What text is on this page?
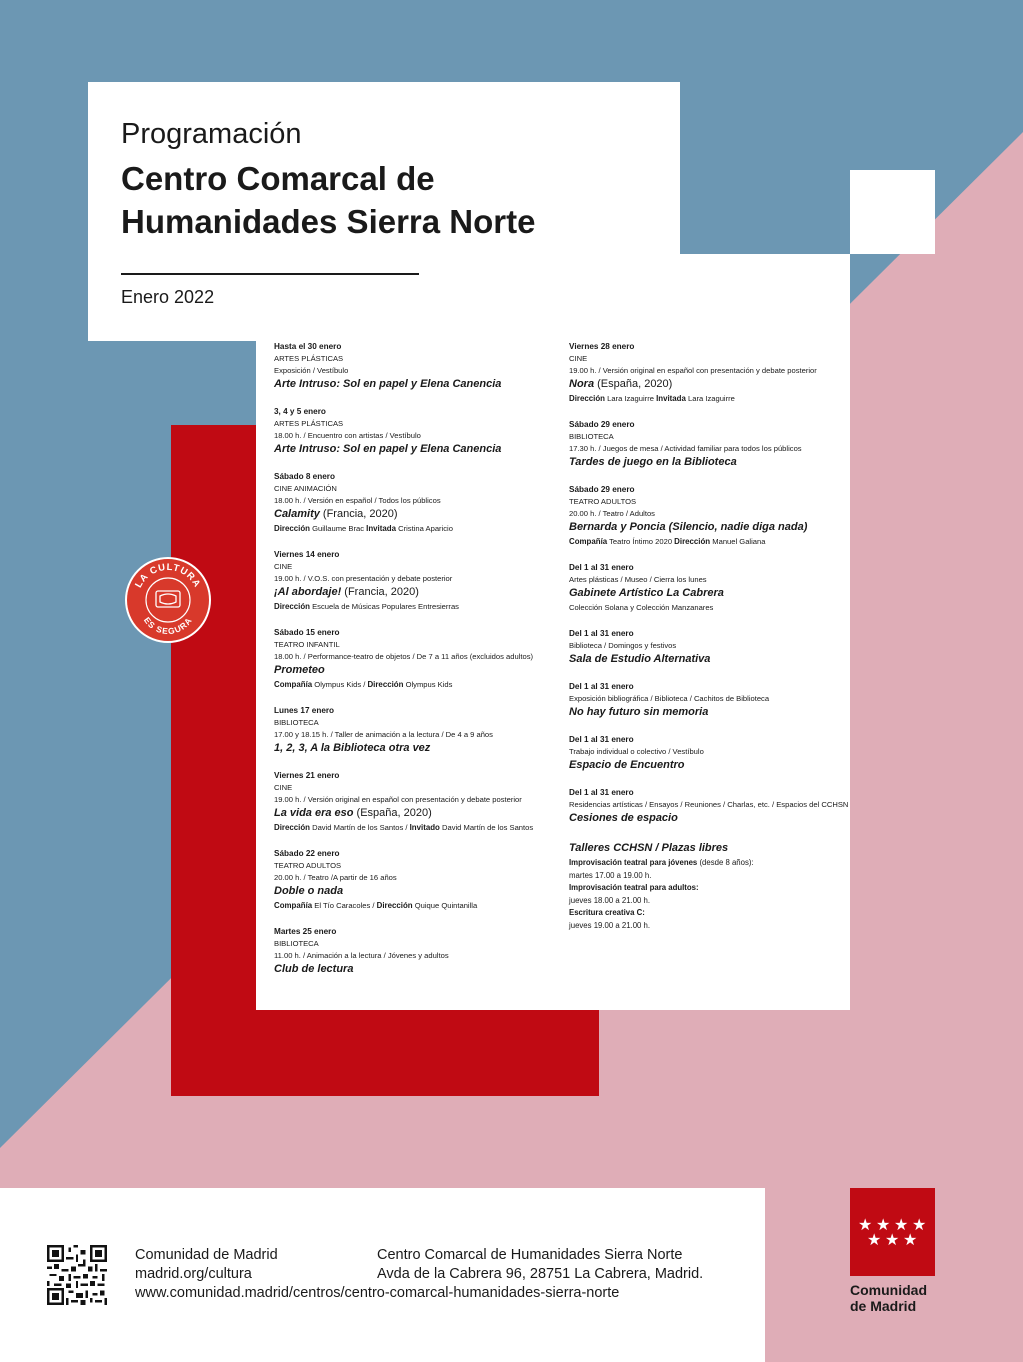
Programación
Centro Comarcal de
Humanidades Sierra Norte
Enero 2022
Hasta el 30 enero
ARTES PLÁSTICAS
Exposición / Vestíbulo
Arte Intruso: Sol en papel y Elena Canencia
3, 4 y 5 enero
ARTES PLÁSTICAS
18.00 h. / Encuentro con artistas / Vestíbulo
Arte Intruso: Sol en papel y Elena Canencia
Sábado 8 enero
CINE ANIMACIÓN
18.00 h. / Versión en español / Todos los públicos
Calamity (Francia, 2020)
Dirección Guillaume Brac Invitada Cristina Aparicio
Viernes 14 enero
CINE
19.00 h. / V.O.S. con presentación y debate posterior
¡Al abordaje! (Francia, 2020)
Dirección Escuela de Músicas Populares Entresierras
Sábado 15 enero
TEATRO INFANTIL
18.00 h. / Performance-teatro de objetos / De 7 a 11 años (excluidos adultos)
Prometeo
Compañía Olympus Kids / Dirección Olympus Kids
Lunes 17 enero
BIBLIOTECA
17.00 y 18.15 h. / Taller de animación a la lectura / De 4 a 9 años
1, 2, 3, A la Biblioteca otra vez
Viernes 21 enero
CINE
19.00 h. / Versión original en español con presentación y debate posterior
La vida era eso (España, 2020)
Dirección David Martín de los Santos / Invitado David Martín de los Santos
Sábado 22 enero
TEATRO ADULTOS
20.00 h. / Teatro /A partir de 16 años
Doble o nada
Compañía El Tío Caracoles / Dirección Quique Quintanilla
Martes 25 enero
BIBLIOTECA
11.00 h. / Animación a la lectura / Jóvenes y adultos
Club de lectura
Viernes 28 enero
CINE
19.00 h. / Versión original en español con presentación y debate posterior
Nora (España, 2020)
Dirección Lara Izaguirre Invitada Lara Izaguirre
Sábado 29 enero
BIBLIOTECA
17.30 h. / Juegos de mesa / Actividad familiar para todos los públicos
Tardes de juego en la Biblioteca
Sábado 29 enero
TEATRO ADULTOS
20.00 h. / Teatro / Adultos
Bernarda y Poncia (Silencio, nadie diga nada)
Compañía Teatro Íntimo 2020 Dirección Manuel Galiana
Del 1 al 31 enero
Artes plásticas / Museo / Cierra los lunes
Gabinete Artístico La Cabrera
Colección Solana y Colección Manzanares
Del 1 al 31 enero
Biblioteca / Domingos y festivos
Sala de Estudio Alternativa
Del 1 al 31 enero
Exposición bibliográfica / Biblioteca / Cachitos de Biblioteca
No hay futuro sin memoria
Del 1 al 31 enero
Trabajo individual o colectivo / Vestíbulo
Espacio de Encuentro
Del 1 al 31 enero
Residencias artísticas / Ensayos / Reuniones / Charlas, etc. / Espacios del CCHSN
Cesiones de espacio
Talleres CCHSN / Plazas libres
Improvisación teatral para jóvenes (desde 8 años):
martes 17.00 a 19.00 h.
Improvisación teatral para adultos:
jueves 18.00 a 21.00 h.
Escritura creativa C:
jueves 19.00 a 21.00 h.
LA CULTURA
ES SEGURA
Comunidad de Madrid
madrid.org/cultura
Centro Comarcal de Humanidades Sierra Norte
Avda de la Cabrera 96, 28751 La Cabrera, Madrid.
www.comunidad.madrid/centros/centro-comarcal-humanidades-sierra-norte
★ ★ ★ ★
★ ★ ★
Comunidad
de Madrid
